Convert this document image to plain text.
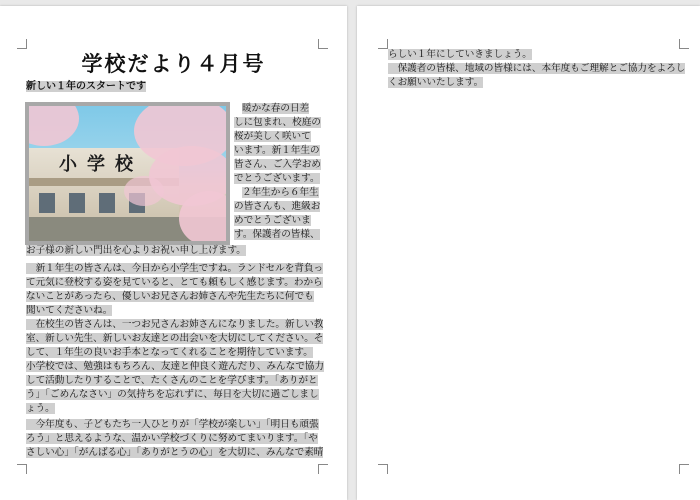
学校だより４月号
新しい１年のスタートです
小学校
暖かな春の日差
しに包まれ、校庭の
桜が美しく咲いて
います。新１年生の
皆さん、ご入学おめ
でとうございます。
２年生から６年生
の皆さんも、進級お
めでとうございま
す。保護者の皆様、
お子様の新しい門出を心よりお祝い申し上げます。
　新１年生の皆さんは、今日から小学生ですね。ランドセルを背負っ
て元気に登校する姿を見ていると、とても頼もしく感じます。わから
ないことがあったら、優しいお兄さんお姉さんや先生たちに何でも
聞いてくださいね。
　在校生の皆さんは、一つお兄さんお姉さんになりました。新しい教
室、新しい先生、新しいお友達との出会いを大切にしてください。そ
して、１年生の良いお手本となってくれることを期待しています。
小学校では、勉強はもちろん、友達と仲良く遊んだり、みんなで協力
して活動したりすることで、たくさんのことを学びます。「ありがと
う」「ごめんなさい」の気持ちを忘れずに、毎日を大切に過ごしまし
ょう。
　今年度も、子どもたち一人ひとりが「学校が楽しい」「明日も頑張
ろう」と思えるような、温かい学校づくりに努めてまいります。「や
さしい心」「がんばる心」「ありがとうの心」を大切に、みんなで素晴
らしい１年にしていきましょう。
　保護者の皆様、地域の皆様には、本年度もご理解とご協力をよろし
くお願いいたします。
